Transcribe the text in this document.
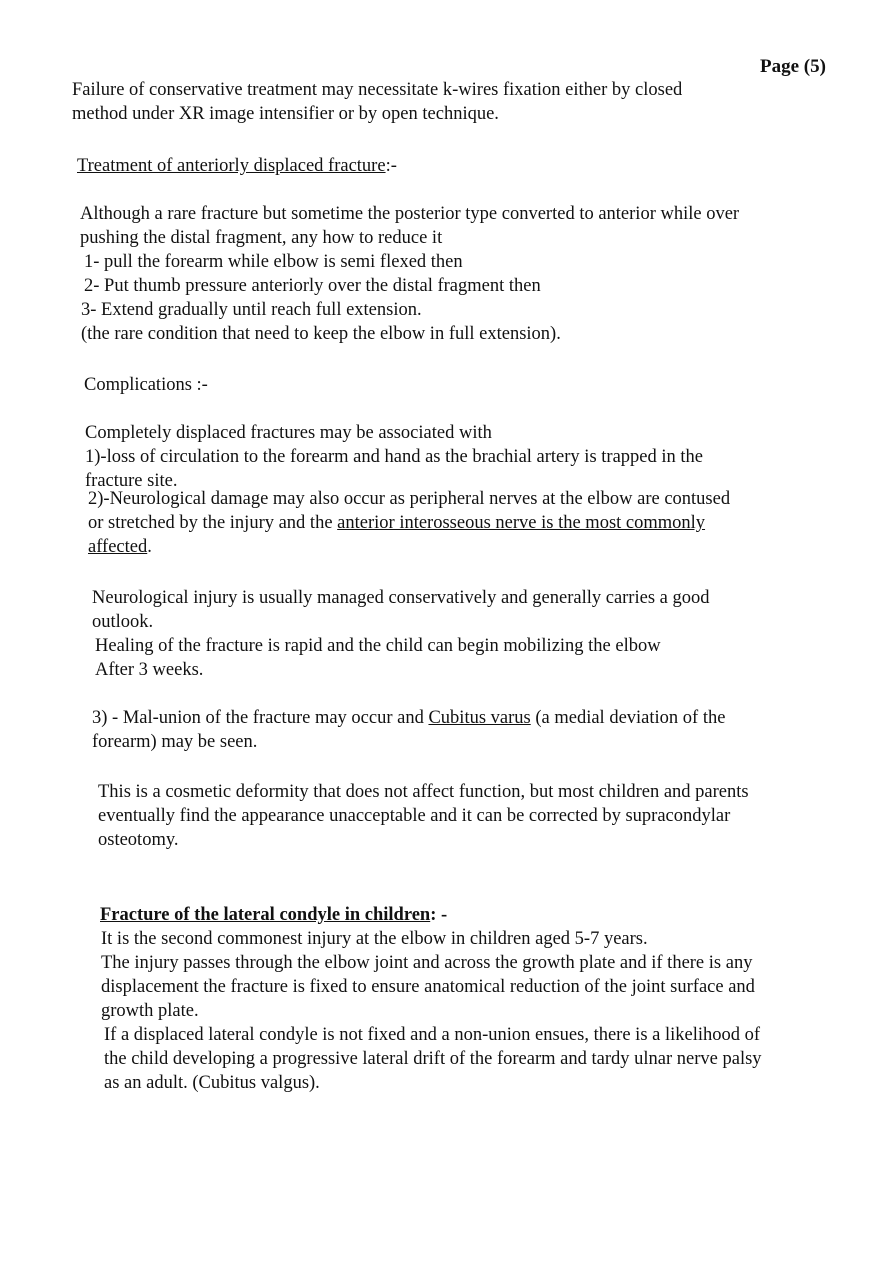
Page (5)
Failure of conservative treatment may necessitate k-wires fixation either by closed
method under XR image intensifier or by open technique.
Treatment of anteriorly displaced fracture:-
Although a rare fracture but sometime the posterior type converted to anterior while over
pushing the distal fragment, any how to reduce it
1- pull the forearm while elbow is semi flexed then
2- Put thumb pressure anteriorly over the distal fragment then
3- Extend gradually until reach full extension.
(the rare condition that need to keep the elbow in full extension).
Complications :-
Completely displaced fractures may be associated with
1)-loss of circulation to the forearm and hand as the brachial artery is trapped in the
fracture site.
2)-Neurological damage may also occur as peripheral nerves at the elbow are contused
or stretched by the injury and the anterior interosseous nerve is the most commonly
affected.
Neurological injury is usually managed conservatively and generally carries a good
outlook.
Healing of the fracture is rapid and the child can begin mobilizing the elbow
After 3 weeks.
3) - Mal-union of the fracture may occur and Cubitus varus (a medial deviation of the
forearm) may be seen.
This is a cosmetic deformity that does not affect function, but most children and parents
eventually find the appearance unacceptable and it can be corrected by supracondylar
osteotomy.
Fracture of the lateral condyle in children: -
It is the second commonest injury at the elbow in children aged 5-7 years.
The injury passes through the elbow joint and across the growth plate and if there is any
displacement the fracture is fixed to ensure anatomical reduction of the joint surface and
growth plate.
If a displaced lateral condyle is not fixed and a non-union ensues, there is a likelihood of
the child developing a progressive lateral drift of the forearm and tardy ulnar nerve palsy
as an adult. (Cubitus valgus).
